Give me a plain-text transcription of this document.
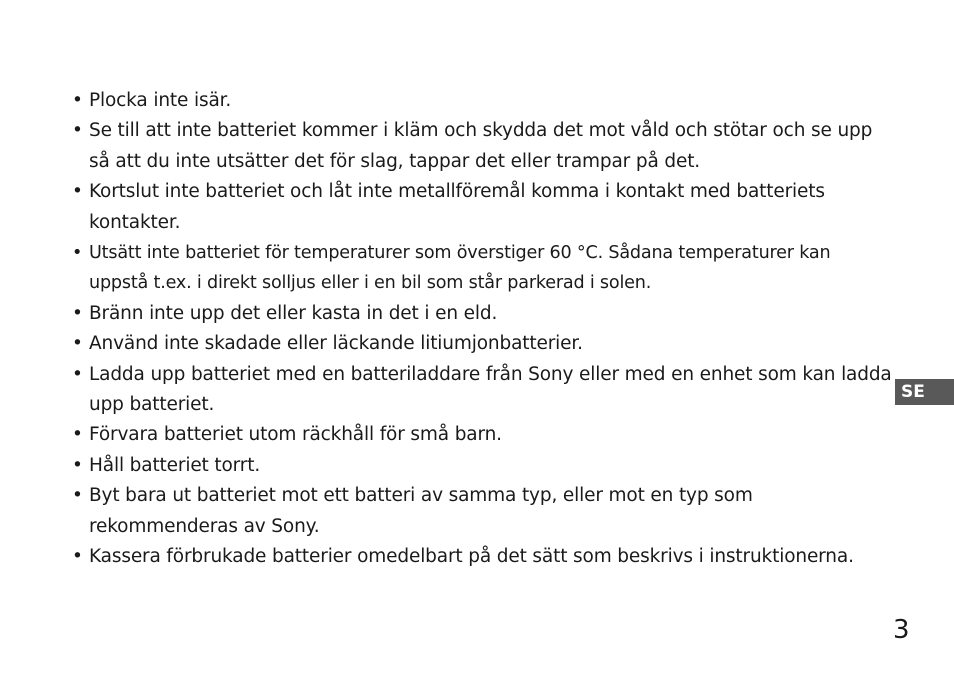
• Plocka inte isär.
• Se till att inte batteriet kommer i kläm och skydda det mot våld och stötar och se upp så att du inte utsätter det för slag, tappar det eller trampar på det.
• Kortslut inte batteriet och låt inte metallföremål komma i kontakt med batteriets kontakter.
• Utsätt inte batteriet för temperaturer som överstiger 60 °C. Sådana temperaturer kan uppstå t.ex. i direkt solljus eller i en bil som står parkerad i solen.
• Bränn inte upp det eller kasta in det i en eld.
• Använd inte skadade eller läckande litiumjonbatterier.
• Ladda upp batteriet med en batteriladdare från Sony eller med en enhet som kan ladda upp batteriet.
• Förvara batteriet utom räckhåll för små barn.
• Håll batteriet torrt.
• Byt bara ut batteriet mot ett batteri av samma typ, eller mot en typ som rekommenderas av Sony.
• Kassera förbrukade batterier omedelbart på det sätt som beskrivs i instruktionerna.
SE
3
